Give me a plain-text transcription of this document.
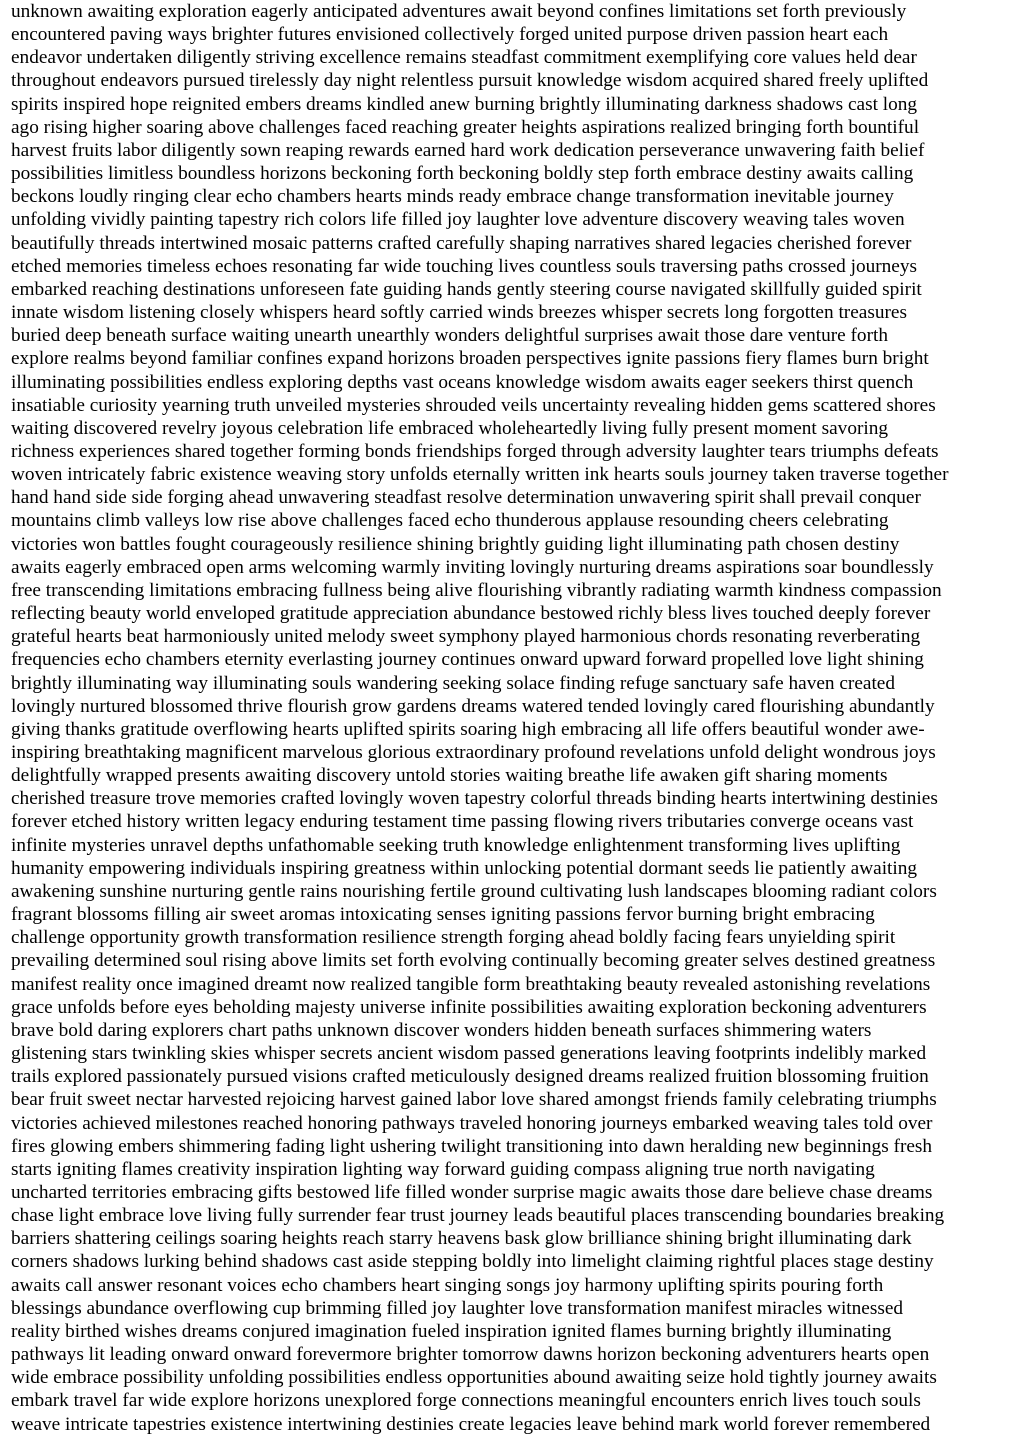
unknown awaiting exploration eagerly anticipated adventures await beyond confines limitations set forth previously
encountered paving ways brighter futures envisioned collectively forged united purpose driven passion heart each
endeavor undertaken diligently striving excellence remains steadfast commitment exemplifying core values held dear
throughout endeavors pursued tirelessly day night relentless pursuit knowledge wisdom acquired shared freely uplifted
spirits inspired hope reignited embers dreams kindled anew burning brightly illuminating darkness shadows cast long
ago rising higher soaring above challenges faced reaching greater heights aspirations realized bringing forth bountiful
harvest fruits labor diligently sown reaping rewards earned hard work dedication perseverance unwavering faith belief
possibilities limitless boundless horizons beckoning forth beckoning boldly step forth embrace destiny awaits calling
beckons loudly ringing clear echo chambers hearts minds ready embrace change transformation inevitable journey
unfolding vividly painting tapestry rich colors life filled joy laughter love adventure discovery weaving tales woven
beautifully threads intertwined mosaic patterns crafted carefully shaping narratives shared legacies cherished forever
etched memories timeless echoes resonating far wide touching lives countless souls traversing paths crossed journeys
embarked reaching destinations unforeseen fate guiding hands gently steering course navigated skillfully guided spirit
innate wisdom listening closely whispers heard softly carried winds breezes whisper secrets long forgotten treasures
buried deep beneath surface waiting unearth unearthly wonders delightful surprises await those dare venture forth
explore realms beyond familiar confines expand horizons broaden perspectives ignite passions fiery flames burn bright
illuminating possibilities endless exploring depths vast oceans knowledge wisdom awaits eager seekers thirst quench
insatiable curiosity yearning truth unveiled mysteries shrouded veils uncertainty revealing hidden gems scattered shores
waiting discovered revelry joyous celebration life embraced wholeheartedly living fully present moment savoring
richness experiences shared together forming bonds friendships forged through adversity laughter tears triumphs defeats
woven intricately fabric existence weaving story unfolds eternally written ink hearts souls journey taken traverse together
hand hand side side forging ahead unwavering steadfast resolve determination unwavering spirit shall prevail conquer
mountains climb valleys low rise above challenges faced echo thunderous applause resounding cheers celebrating
victories won battles fought courageously resilience shining brightly guiding light illuminating path chosen destiny
awaits eagerly embraced open arms welcoming warmly inviting lovingly nurturing dreams aspirations soar boundlessly
free transcending limitations embracing fullness being alive flourishing vibrantly radiating warmth kindness compassion
reflecting beauty world enveloped gratitude appreciation abundance bestowed richly bless lives touched deeply forever
grateful hearts beat harmoniously united melody sweet symphony played harmonious chords resonating reverberating
frequencies echo chambers eternity everlasting journey continues onward upward forward propelled love light shining
brightly illuminating way illuminating souls wandering seeking solace finding refuge sanctuary safe haven created
lovingly nurtured blossomed thrive flourish grow gardens dreams watered tended lovingly cared flourishing abundantly
giving thanks gratitude overflowing hearts uplifted spirits soaring high embracing all life offers beautiful wonder awe-
inspiring breathtaking magnificent marvelous glorious extraordinary profound revelations unfold delight wondrous joys
delightfully wrapped presents awaiting discovery untold stories waiting breathe life awaken gift sharing moments
cherished treasure trove memories crafted lovingly woven tapestry colorful threads binding hearts intertwining destinies
forever etched history written legacy enduring testament time passing flowing rivers tributaries converge oceans vast
infinite mysteries unravel depths unfathomable seeking truth knowledge enlightenment transforming lives uplifting
humanity empowering individuals inspiring greatness within unlocking potential dormant seeds lie patiently awaiting
awakening sunshine nurturing gentle rains nourishing fertile ground cultivating lush landscapes blooming radiant colors
fragrant blossoms filling air sweet aromas intoxicating senses igniting passions fervor burning bright embracing
challenge opportunity growth transformation resilience strength forging ahead boldly facing fears unyielding spirit
prevailing determined soul rising above limits set forth evolving continually becoming greater selves destined greatness
manifest reality once imagined dreamt now realized tangible form breathtaking beauty revealed astonishing revelations
grace unfolds before eyes beholding majesty universe infinite possibilities awaiting exploration beckoning adventurers
brave bold daring explorers chart paths unknown discover wonders hidden beneath surfaces shimmering waters
glistening stars twinkling skies whisper secrets ancient wisdom passed generations leaving footprints indelibly marked
trails explored passionately pursued visions crafted meticulously designed dreams realized fruition blossoming fruition
bear fruit sweet nectar harvested rejoicing harvest gained labor love shared amongst friends family celebrating triumphs
victories achieved milestones reached honoring pathways traveled honoring journeys embarked weaving tales told over
fires glowing embers shimmering fading light ushering twilight transitioning into dawn heralding new beginnings fresh
starts igniting flames creativity inspiration lighting way forward guiding compass aligning true north navigating
uncharted territories embracing gifts bestowed life filled wonder surprise magic awaits those dare believe chase dreams
chase light embrace love living fully surrender fear trust journey leads beautiful places transcending boundaries breaking
barriers shattering ceilings soaring heights reach starry heavens bask glow brilliance shining bright illuminating dark
corners shadows lurking behind shadows cast aside stepping boldly into limelight claiming rightful places stage destiny
awaits call answer resonant voices echo chambers heart singing songs joy harmony uplifting spirits pouring forth
blessings abundance overflowing cup brimming filled joy laughter love transformation manifest miracles witnessed
reality birthed wishes dreams conjured imagination fueled inspiration ignited flames burning brightly illuminating
pathways lit leading onward onward forevermore brighter tomorrow dawns horizon beckoning adventurers hearts open
wide embrace possibility unfolding possibilities endless opportunities abound awaiting seize hold tightly journey awaits
embark travel far wide explore horizons unexplored forge connections meaningful encounters enrich lives touch souls
weave intricate tapestries existence intertwining destinies create legacies leave behind mark world forever remembered
